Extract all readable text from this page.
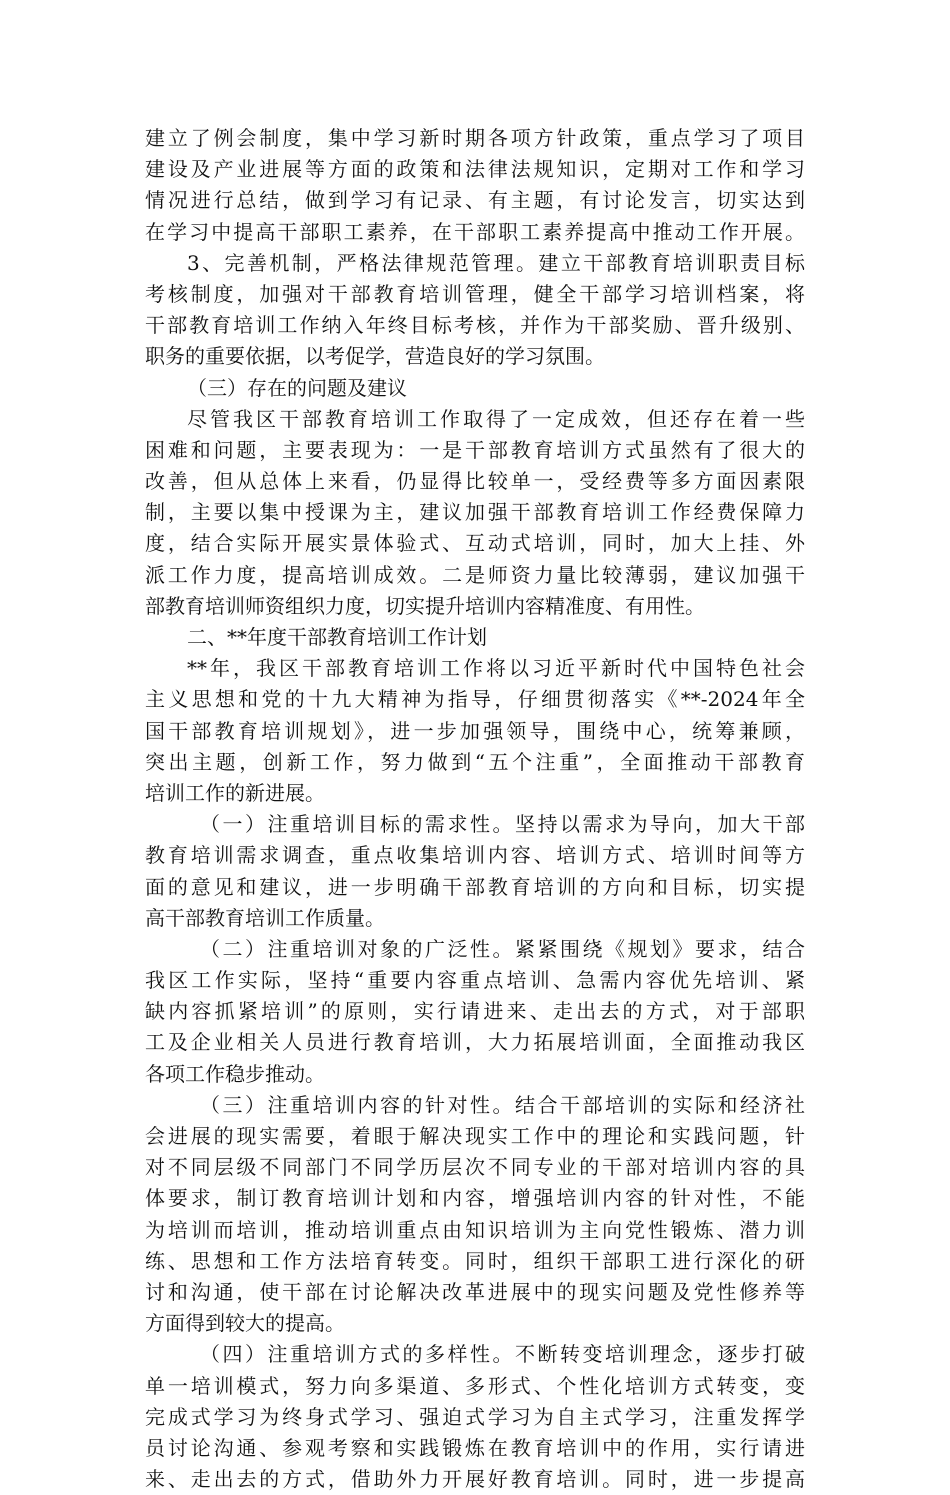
建立了例会制度，集中学习新时期各项方针政策，重点学习了项目
建设及产业进展等方面的政策和法律法规知识，定期对工作和学习
情况进行总结，做到学习有记录、有主题，有讨论发言，切实达到
在学习中提高干部职工素养，在干部职工素养提高中推动工作开展。
3、完善机制，严格法律规范管理。建立干部教育培训职责目标
考核制度，加强对干部教育培训管理，健全干部学习培训档案，将
干部教育培训工作纳入年终目标考核，并作为干部奖励、晋升级别、
职务的重要依据，以考促学，营造良好的学习氛围。
（三）存在的问题及建议
尽管我区干部教育培训工作取得了一定成效，但还存在着一些
困难和问题，主要表现为：一是干部教育培训方式虽然有了很大的
改善，但从总体上来看，仍显得比较单一，受经费等多方面因素限
制，主要以集中授课为主，建议加强干部教育培训工作经费保障力
度，结合实际开展实景体验式、互动式培训，同时，加大上挂、外
派工作力度，提高培训成效。二是师资力量比较薄弱，建议加强干
部教育培训师资组织力度，切实提升培训内容精准度、有用性。
二、**年度干部教育培训工作计划
**年，我区干部教育培训工作将以习近平新时代中国特色社会
主义思想和党的十九大精神为指导，仔细贯彻落实《**-2024年全
国干部教育培训规划》，进一步加强领导，围绕中心，统筹兼顾，
突出主题，创新工作，努力做到“五个注重”，全面推动干部教育
培训工作的新进展。
（一）注重培训目标的需求性。坚持以需求为导向，加大干部
教育培训需求调查，重点收集培训内容、培训方式、培训时间等方
面的意见和建议，进一步明确干部教育培训的方向和目标，切实提
高干部教育培训工作质量。
（二）注重培训对象的广泛性。紧紧围绕《规划》要求，结合
我区工作实际，坚持“重要内容重点培训、急需内容优先培训、紧
缺内容抓紧培训”的原则，实行请进来、走出去的方式，对于部职
工及企业相关人员进行教育培训，大力拓展培训面，全面推动我区
各项工作稳步推动。
（三）注重培训内容的针对性。结合干部培训的实际和经济社
会进展的现实需要，着眼于解决现实工作中的理论和实践问题，针
对不同层级不同部门不同学历层次不同专业的干部对培训内容的具
体要求，制订教育培训计划和内容，增强培训内容的针对性，不能
为培训而培训，推动培训重点由知识培训为主向党性锻炼、潜力训
练、思想和工作方法培育转变。同时，组织干部职工进行深化的研
讨和沟通，使干部在讨论解决改革进展中的现实问题及党性修养等
方面得到较大的提高。
（四）注重培训方式的多样性。不断转变培训理念，逐步打破
单一培训模式，努力向多渠道、多形式、个性化培训方式转变，变
完成式学习为终身式学习、强迫式学习为自主式学习，注重发挥学
员讨论沟通、参观考察和实践锻炼在教育培训中的作用，实行请进
来、走出去的方式，借助外力开展好教育培训。同时，进一步提高
